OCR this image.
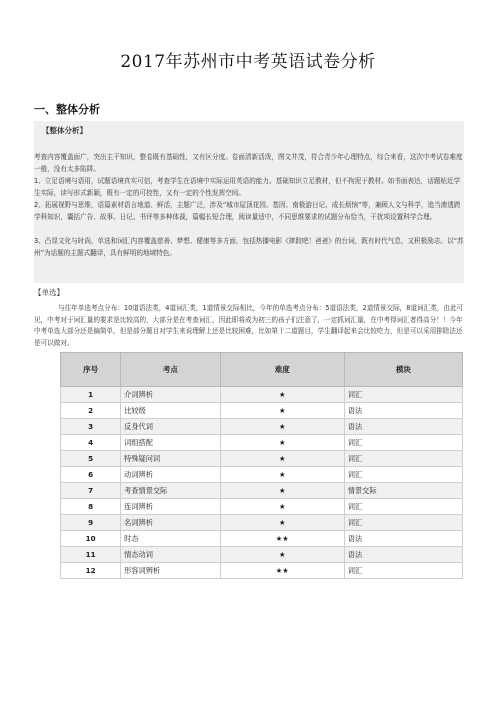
2017年苏州市中考英语试卷分析
一、整体分析
【整体分析】

考查内容覆盖面广，突出主干知识，整卷既有基础性，又有区分度。卷面清新活泼，图文并茂，符合青少年心理特点，综合来看，这次中考试卷难度一般，没有太多陷阱。

1、立足语境与语用，试题语境真实可信，考查学生在语境中实际运用英语的能力。基础知识立足教材，但不拘泥于教材。如书面表达，话题贴近学生实际，读写形式新颖，既有一定的可控性，又有一定的个性发挥空间。

2、拓展视野与思维，语篇素材语言地道、鲜活，主题广泛，涉及“城市屋顶花园、基因、南极游日记、成长烦恼”等，兼顾人文与科学，追当渗透跨学科知识，囊括广告、故事、日记、书评等多种体裁，篇幅长短合理，阅读量适中，不同思维要求的试题分布恰当，干扰项设置科学合理。

3、凸显文化与时尚，单选和词汇内容覆盖慈善、梦想、健康等多方面，包括热播电影《摔跤吧！爸爸》的台词，既有时代气息，又积极励志。以“苏州”为话题的主题式翻译，具有鲜明的地域特色。

【单选】

与往年单选考点分布：10道语法类，4道词汇类，1道情景交际相比，今年的单选考点分布：5道语法类，2道情景交际，8道词汇类，由此可见，中考对于词汇量的要求是比较高的，大部分是在考查词汇，因此即将成为初三的孩子们注意了，一定抓词汇量，在中考得词汇者得高分！！今年中考单选大部分还是偏简单，但是部分题目对学生来说理解上还是比较困难，比如第十二道题目，学生翻译起来会比较吃力，但是可以采用排除法还是可以做对。

序号	考点	难度	模块
1	介词辨析	★	词汇
2	比较级	★	语法
3	反身代词	★	语法
4	词组搭配	★	词汇
5	特殊疑问词	★	词汇
6	动词辨析	★	词汇
7	考查情景交际	★	情景交际
8	连词辨析	★	词汇
9	名词辨析	★	词汇
10	时态	★★	语法
11	情态动词	★	语法
12	形容词辨析	★★	词汇
